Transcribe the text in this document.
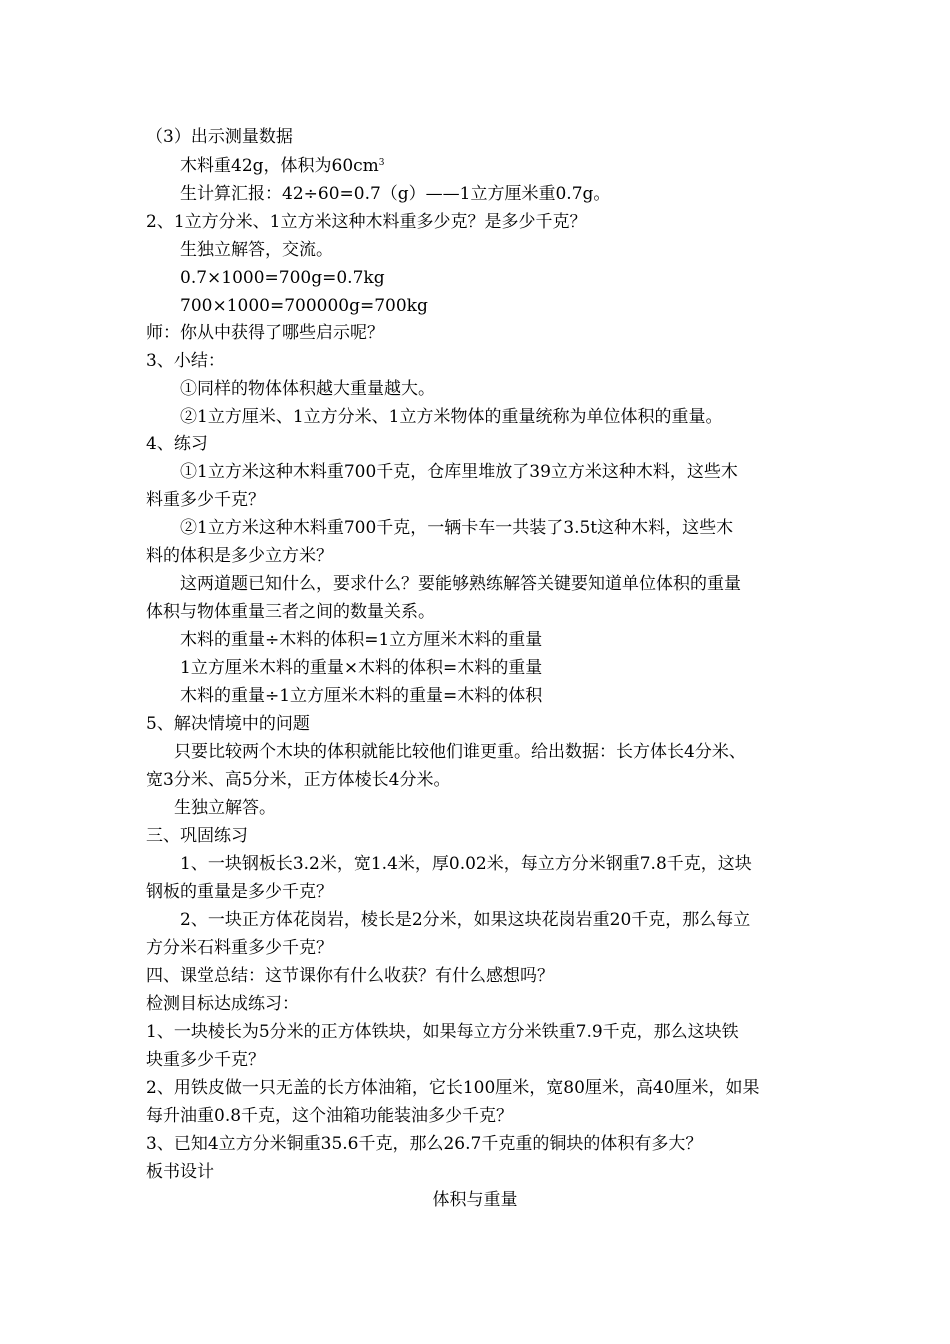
（3）出示测量数据

木料重42g，体积为$60cm^3$

生计算汇报：42÷60=0.7（g）——1立方厘米重0.7g。

2、1立方分米、1立方米这种木料重多少克？是多少千克？

生独立解答，交流。

0.7×1000=700g=0.7kg

700×1000=700000g=700kg

师：你从中获得了哪些启示呢？

3、小结：

①同样的物体体积越大重量越大。

②1立方厘米、1立方分米、1立方米物体的重量统称为单位体积的重量。

4、练习

①1立方米这种木料重700千克，仓库里堆放了39立方米这种木料，这些木

料重多少千克？

②1立方米这种木料重700千克，一辆卡车一共装了3.5t这种木料，这些木

料的体积是多少立方米？

这两道题已知什么，要求什么？要能够熟练解答关键要知道单位体积的重量

体积与物体重量三者之间的数量关系。

木料的重量÷木料的体积=1立方厘米木料的重量

1立方厘米木料的重量×木料的体积=木料的重量

木料的重量÷1立方厘米木料的重量=木料的体积

5、解决情境中的问题

只要比较两个木块的体积就能比较他们谁更重。给出数据：长方体长4分米、

宽3分米、高5分米，正方体棱长4分米。

生独立解答。

三、巩固练习

1、一块钢板长3.2米，宽1.4米，厚0.02米，每立方分米钢重7.8千克，这块

钢板的重量是多少千克？

2、一块正方体花岗岩，棱长是2分米，如果这块花岗岩重20千克，那么每立

方分米石料重多少千克？

四、课堂总结：这节课你有什么收获？有什么感想吗？

检测目标达成练习：

1、一块棱长为5分米的正方体铁块，如果每立方分米铁重7.9千克，那么这块铁

块重多少千克？

2、用铁皮做一只无盖的长方体油箱，它长100厘米，宽80厘米，高40厘米，如果

每升油重0.8千克，这个油箱功能装油多少千克？

3、已知4立方分米铜重35.6千克，那么26.7千克重的铜块的体积有多大？

板书设计

体积与重量
